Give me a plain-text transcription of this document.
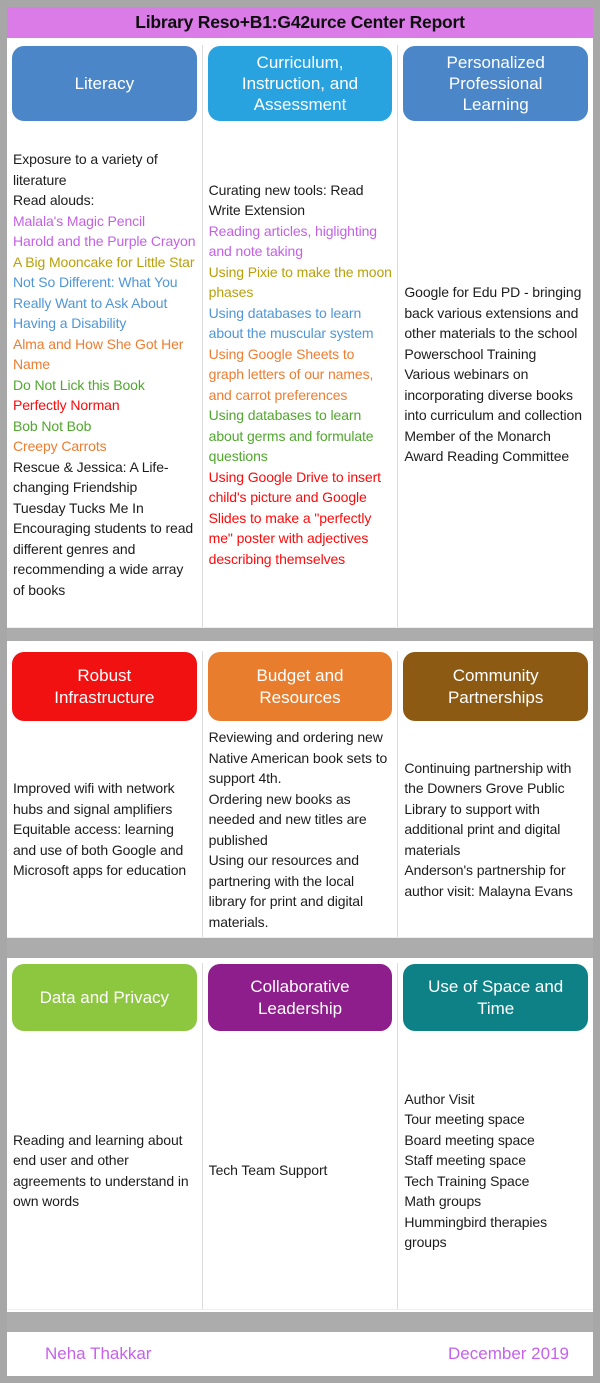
Library Reso+B1:G42urce Center Report
Literacy
Curriculum, Instruction, and Assessment
Personalized Professional Learning
Exposure to a variety of literature
Read alouds:
Malala's Magic Pencil
Harold and the Purple Crayon
A Big Mooncake for Little Star
Not So Different: What You Really Want to Ask About Having a Disability
Alma and How She Got Her Name
Do Not Lick this Book
Perfectly Norman
Bob Not Bob
Creepy Carrots
Rescue & Jessica: A Life-changing Friendship
Tuesday Tucks Me In
Encouraging students to read different genres and recommending a wide array of books
Curating new tools: Read Write Extension
Reading articles, higlighting and note taking
Using Pixie to make the moon phases
Using databases to learn about the muscular system
Using Google Sheets to graph letters of our names, and carrot preferences
Using databases to learn about germs and formulate questions
Using Google Drive to insert child's picture and Google Slides to make a "perfectly me" poster with adjectives describing themselves
Google for Edu PD - bringing back various extensions and other materials to the school
Powerschool Training
Various webinars on incorporating diverse books into curriculum and collection
Member of the Monarch Award Reading Committee
Robust Infrastructure
Budget and Resources
Community Partnerships
Improved wifi with network hubs and signal amplifiers
Equitable access: learning and use of both Google and Microsoft apps for education
Reviewing and ordering new Native American book sets to support 4th.
Ordering new books as needed and new titles are published
Using our resources and partnering with the local library for print and digital materials.
Continuing partnership with the Downers Grove Public Library to support with additional print and digital materials
Anderson's partnership for author visit: Malayna Evans
Data and Privacy
Collaborative Leadership
Use of Space and Time
Reading and learning about end user and other agreements to understand in own words
Tech Team Support
Author Visit
Tour meeting space
Board meeting space
Staff meeting space
Tech Training Space
Math groups
Hummingbird therapies groups
Neha Thakkar	December 2019
